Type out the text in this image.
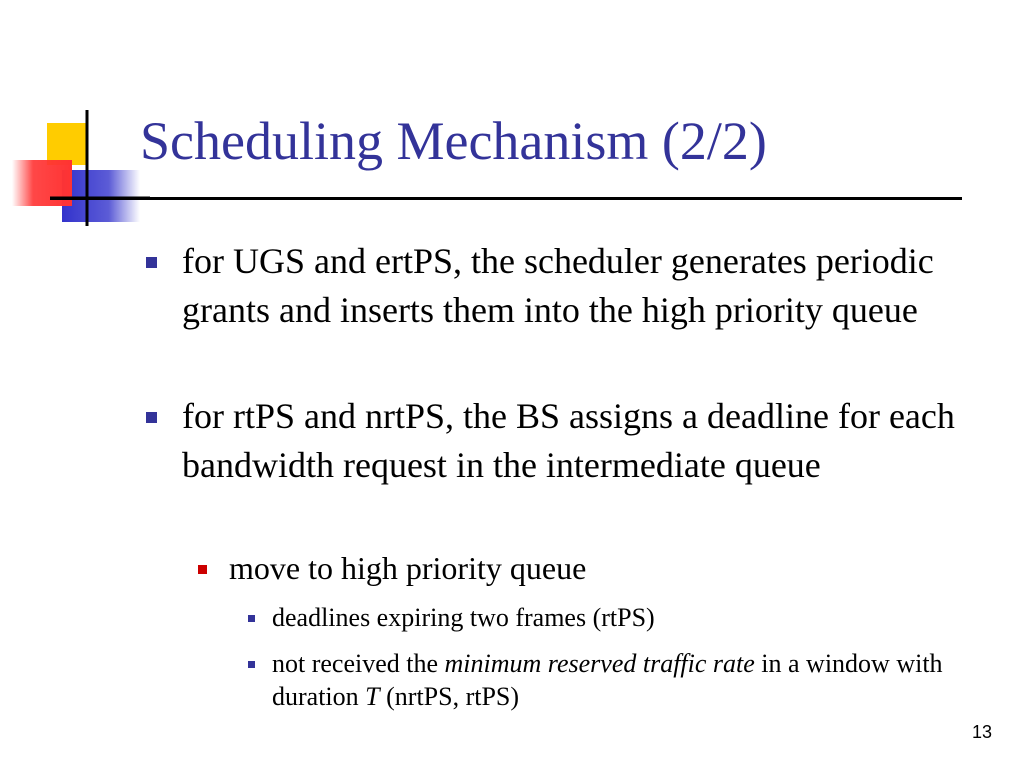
Scheduling Mechanism (2/2)
for UGS and ertPS, the scheduler generates periodic grants and inserts them into the high priority queue
for rtPS and nrtPS, the BS assigns a deadline for each bandwidth request in the intermediate queue
move to high priority queue
deadlines expiring two frames (rtPS)
not received the minimum reserved traffic rate in a window with duration T (nrtPS, rtPS)
13
